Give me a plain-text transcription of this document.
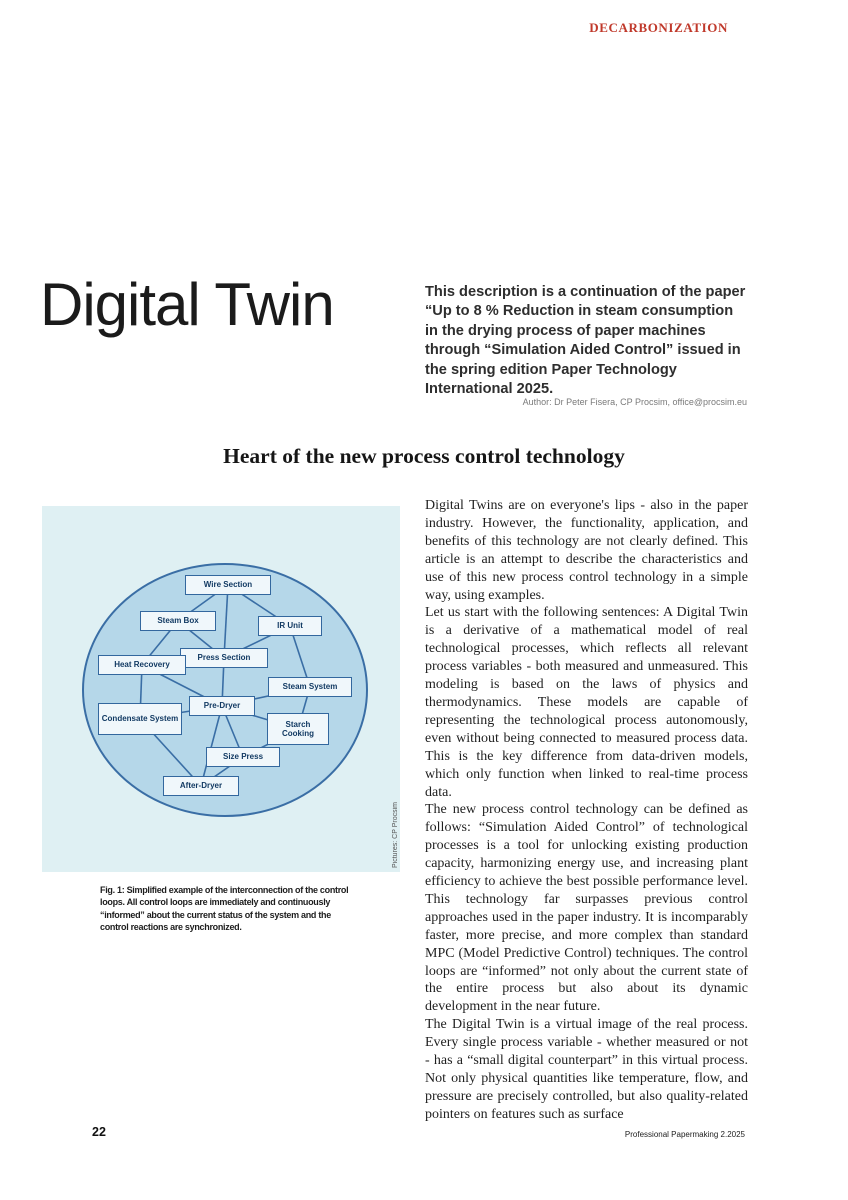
DECARBONIZATION
Digital Twin	This description is a continuation of the paper “Up to 8 % Reduction in steam consumption in the drying process of paper machines through “Simulation Aided Control” issued in the spring edition Paper Technology International 2025.
Author: Dr Peter Fisera, CP Procsim, office@procsim.eu
Heart of the new process control technology
Pictures: CP Procsim
Wire Section
Steam Box
IR Unit
Press Section
Heat Recovery
Steam System
Pre-Dryer
Condensate System
Starch Cooking
Size Press
After-Dryer
Fig. 1: Simplified example of the interconnection of the control loops. All control loops are immediately and continuously “informed” about the current status of the system and the control reactions are synchronized.

Digital Twins are on everyone's lips - also in the paper industry. However, the functionality, application, and benefits of this technology are not clearly defined. This article is an attempt to describe the characteristics and use of this new process control technology in a simple way, using examples.

Let us start with the following sentences: A Digital Twin is a derivative of a mathematical model of real technological processes, which reflects all relevant process variables - both measured and unmeasured. This modeling is based on the laws of physics and thermodynamics. These models are capable of representing the technological process autonomously, even without being connected to measured process data. This is the key difference from data-driven models, which only function when linked to real-time process data.

The new process control technology can be defined as follows: “Simulation Aided Control” of technological processes is a tool for unlocking existing production capacity, harmonizing energy use, and increasing plant efficiency to achieve the best possible performance level. This technology far surpasses previous control approaches used in the paper industry. It is incomparably faster, more precise, and more complex than standard MPC (Model Predictive Control) techniques. The control loops are “informed” not only about the current state of the entire process but also about its dynamic development in the near future.

The Digital Twin is a virtual image of the real process. Every single process variable - whether measured or not - has a “small digital counterpart” in this virtual process. Not only physical quantities like temperature, flow, and pressure are precisely controlled, but also quality-related pointers on features such as surface

22	Professional Papermaking 2.2025
